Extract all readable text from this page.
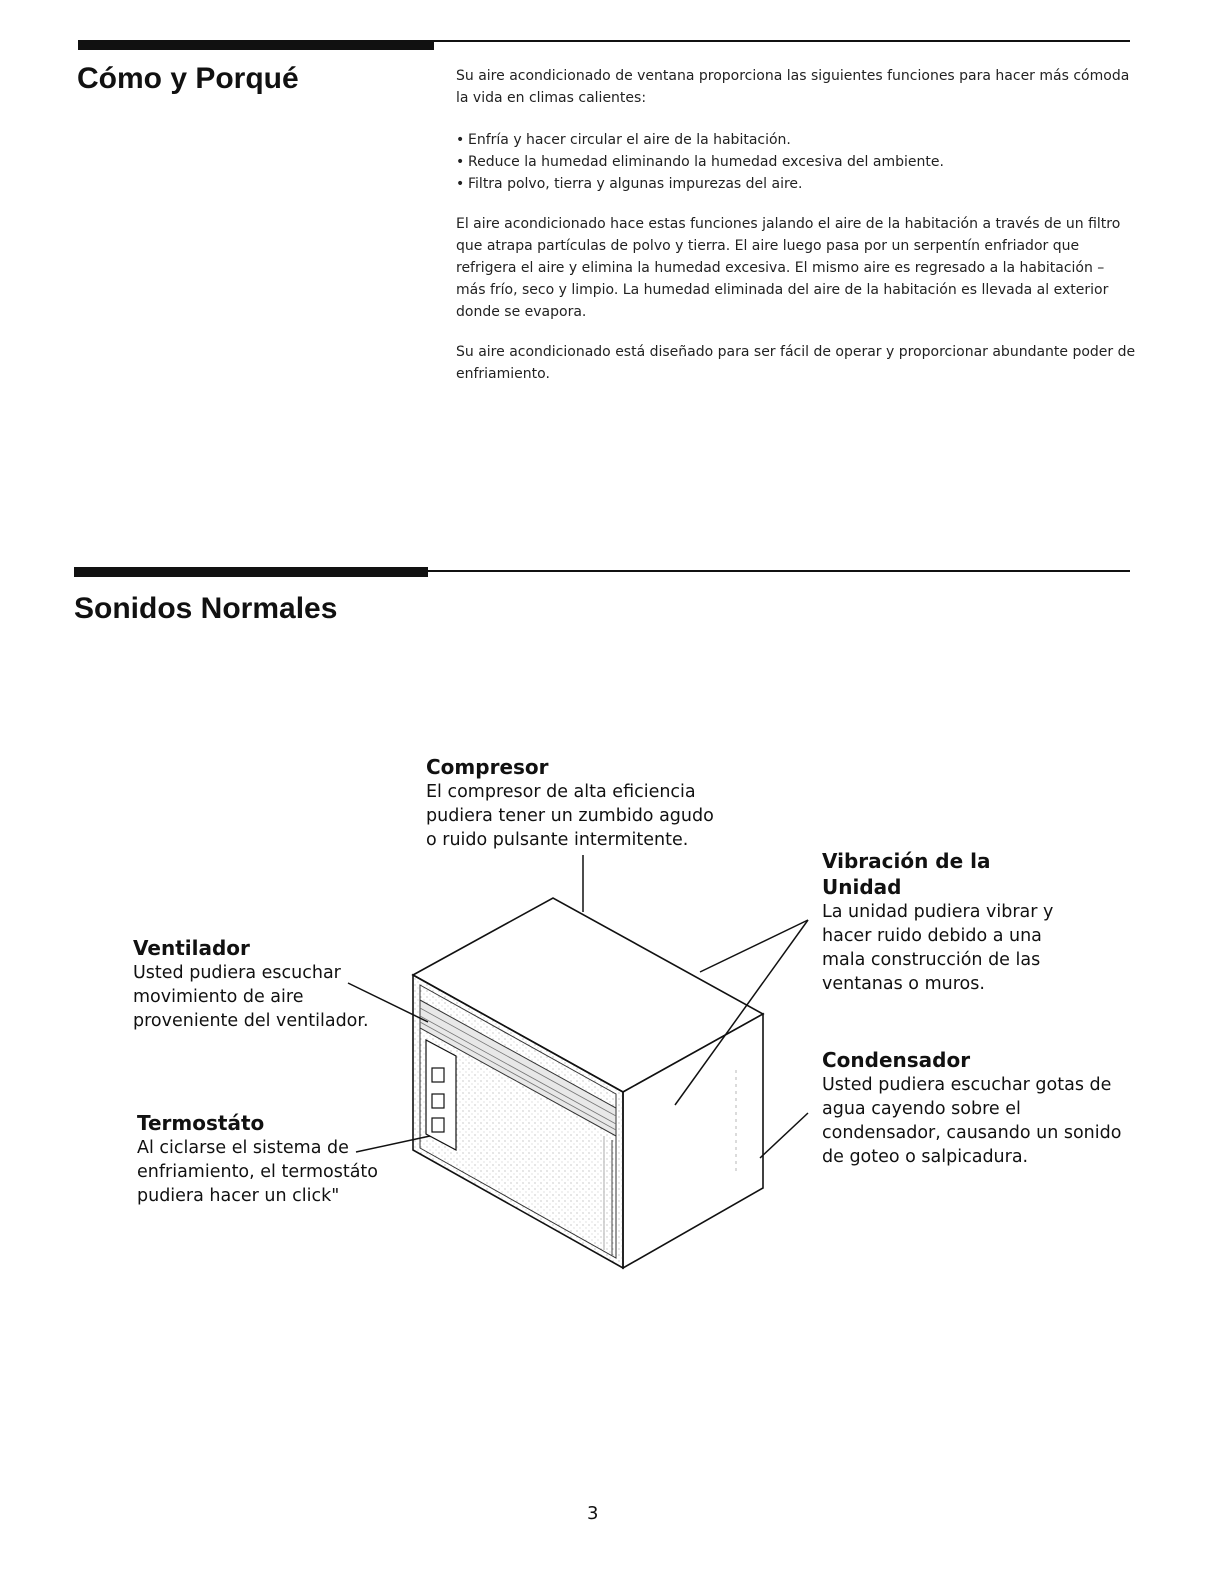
Cómo y Porqué	Su aire acondicionado de ventana proporciona las siguientes funciones para hacer más cómoda la vida en climas calientes:

• Enfría y hacer circular el aire de la habitación.
• Reduce la humedad eliminando la humedad excesiva del ambiente.
• Filtra polvo, tierra y algunas impurezas del aire.

El aire acondicionado hace estas funciones jalando el aire de la habitación a través de un filtro que atrapa partículas de polvo y tierra. El aire luego pasa por un serpentín enfriador que refrigera el aire y elimina la humedad excesiva. El mismo aire es regresado a la habitación – más frío, seco y limpio. La humedad eliminada del aire de la habitación es llevada al exterior donde se evapora.

Su aire acondicionado está diseñado para ser fácil de operar y proporcionar abundante poder de enfriamiento.

Sonidos Normales
Compresor
El compresor de alta eficiencia pudiera tener un zumbido agudo o ruido pulsante intermitente.
Vibración de la Unidad
La unidad pudiera vibrar y hacer ruido debido a una mala construcción de las ventanas o muros.
Ventilador
Usted pudiera escuchar movimiento de aire proveniente del ventilador.
Condensador
Usted pudiera escuchar gotas de agua cayendo sobre el condensador, causando un sonido de goteo o salpicadura.
Termostáto
Al ciclarse el sistema de enfriamiento, el termostáto pudiera hacer un click"
3
